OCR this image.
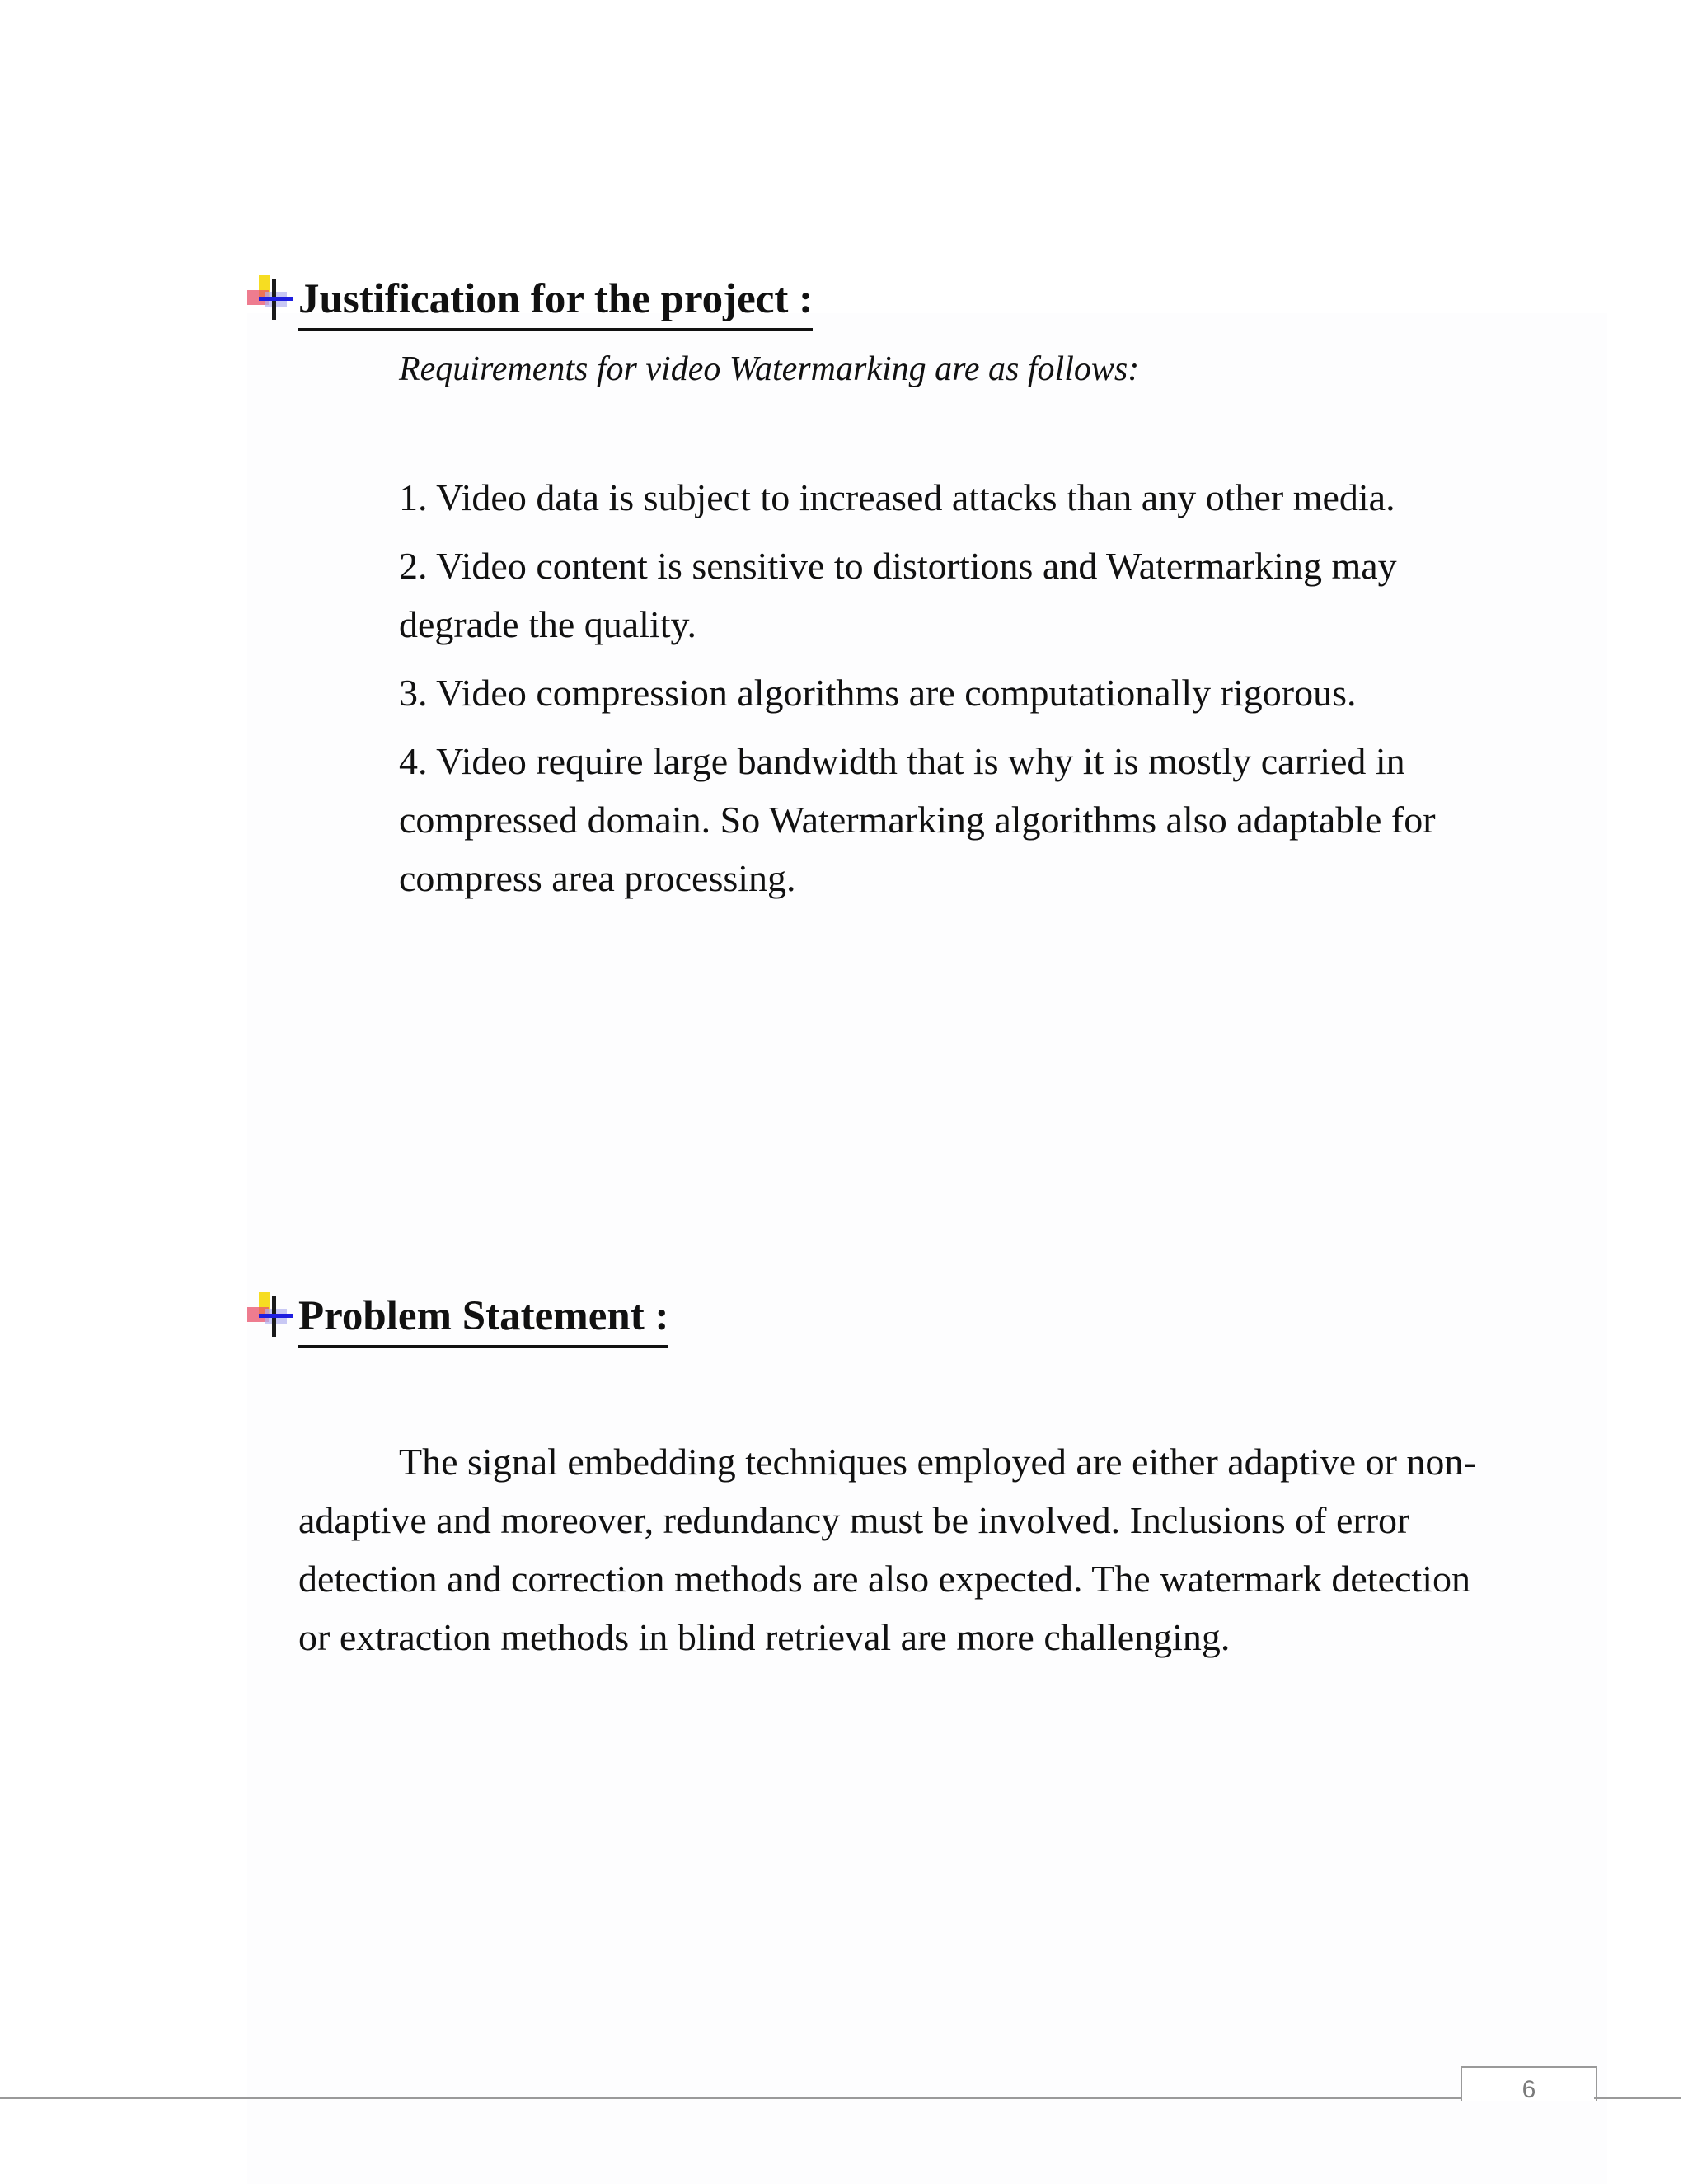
Justification for the project :
Requirements for video Watermarking are as follows:
1. Video data is subject to increased attacks than any other media.
2. Video content is sensitive to distortions and Watermarking may degrade the quality.
3. Video compression algorithms are computationally rigorous.
4. Video require large bandwidth that is why it is mostly carried in compressed domain. So Watermarking algorithms also adaptable for compress area processing.
Problem Statement :

The signal embedding techniques employed are either adaptive or non-adaptive and moreover, redundancy must be involved. Inclusions of error detection and correction methods are also expected. The watermark detection or extraction methods in blind retrieval are more challenging.

6
